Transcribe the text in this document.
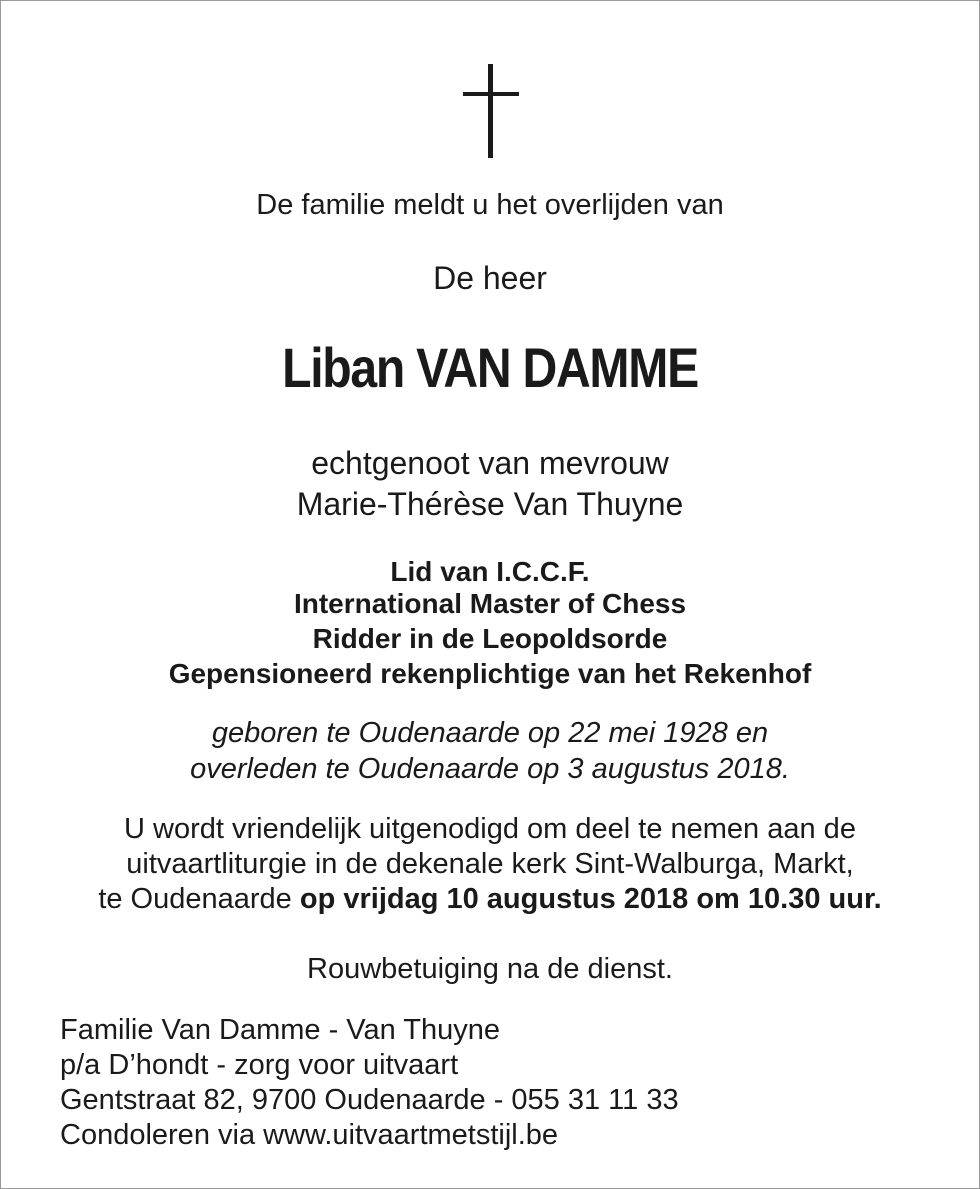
De familie meldt u het overlijden van

De heer

Liban VAN DAMME

echtgenoot van mevrouw

Marie-Thérèse Van Thuyne

Lid van I.C.C.F.

International Master of Chess

Ridder in de Leopoldsorde

Gepensioneerd rekenplichtige van het Rekenhof

geboren te Oudenaarde op 22 mei 1928 en

overleden te Oudenaarde op 3 augustus 2018.

U wordt vriendelijk uitgenodigd om deel te nemen aan de

uitvaartliturgie in de dekenale kerk Sint-Walburga, Markt,

te Oudenaarde op vrijdag 10 augustus 2018 om 10.30 uur.

Rouwbetuiging na de dienst.

Familie Van Damme - Van Thuyne

p/a D’hondt - zorg voor uitvaart

Gentstraat 82, 9700 Oudenaarde - 055 31 11 33

Condoleren via www.uitvaartmetstijl.be
